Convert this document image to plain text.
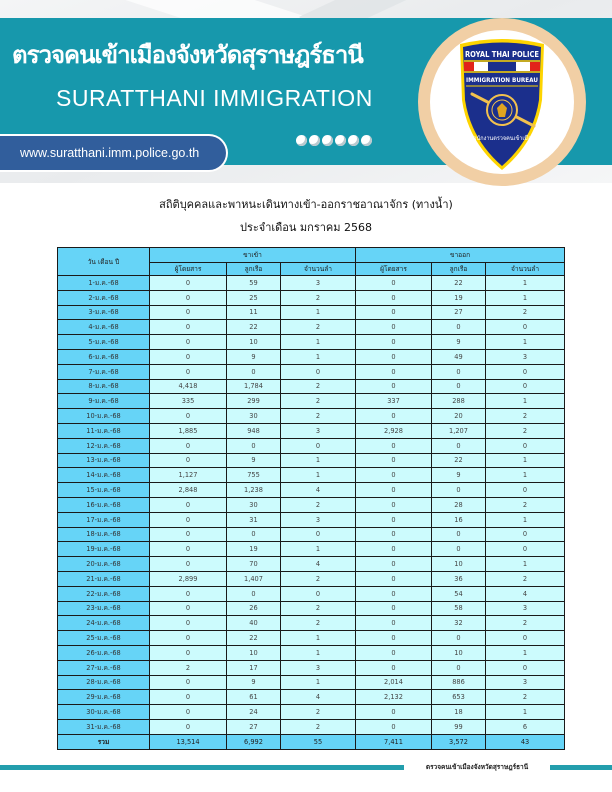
ตรวจคนเข้าเมืองจังหวัดสุราษฎร์ธานี
SURATTHANI IMMIGRATION
www.suratthani.imm.police.go.th
ROYAL THAI POLICE
IMMIGRATION BUREAU
สำนักงานตรวจคนเข้าเมือง
สถิติบุคคลและพาหนะเดินทางเข้า-ออกราชอาณาจักร (ทางน้ำ)
ประจำเดือน มกราคม 2568
วัน เดือน ปี	ขาเข้า			ขาออก		
	ผู้โดยสาร	ลูกเรือ	จำนวนลำ	ผู้โดยสาร	ลูกเรือ	จำนวนลำ
1-ม.ค.-68	0	59	3	0	22	1
2-ม.ค.-68	0	25	2	0	19	1
3-ม.ค.-68	0	11	1	0	27	2
4-ม.ค.-68	0	22	2	0	0	0
5-ม.ค.-68	0	10	1	0	9	1
6-ม.ค.-68	0	9	1	0	49	3
7-ม.ค.-68	0	0	0	0	0	0
8-ม.ค.-68	4,418	1,784	2	0	0	0
9-ม.ค.-68	335	299	2	337	288	1
10-ม.ค.-68	0	30	2	0	20	2
11-ม.ค.-68	1,885	948	3	2,928	1,207	2
12-ม.ค.-68	0	0	0	0	0	0
13-ม.ค.-68	0	9	1	0	22	1
14-ม.ค.-68	1,127	755	1	0	9	1
15-ม.ค.-68	2,848	1,238	4	0	0	0
16-ม.ค.-68	0	30	2	0	28	2
17-ม.ค.-68	0	31	3	0	16	1
18-ม.ค.-68	0	0	0	0	0	0
19-ม.ค.-68	0	19	1	0	0	0
20-ม.ค.-68	0	70	4	0	10	1
21-ม.ค.-68	2,899	1,407	2	0	36	2
22-ม.ค.-68	0	0	0	0	54	4
23-ม.ค.-68	0	26	2	0	58	3
24-ม.ค.-68	0	40	2	0	32	2
25-ม.ค.-68	0	22	1	0	0	0
26-ม.ค.-68	0	10	1	0	10	1
27-ม.ค.-68	2	17	3	0	0	0
28-ม.ค.-68	0	9	1	2,014	886	3
29-ม.ค.-68	0	61	4	2,132	653	2
30-ม.ค.-68	0	24	2	0	18	1
31-ม.ค.-68	0	27	2	0	99	6
รวม	13,514	6,992	55	7,411	3,572	43
ตรวจคนเข้าเมืองจังหวัดสุราษฎร์ธานี
